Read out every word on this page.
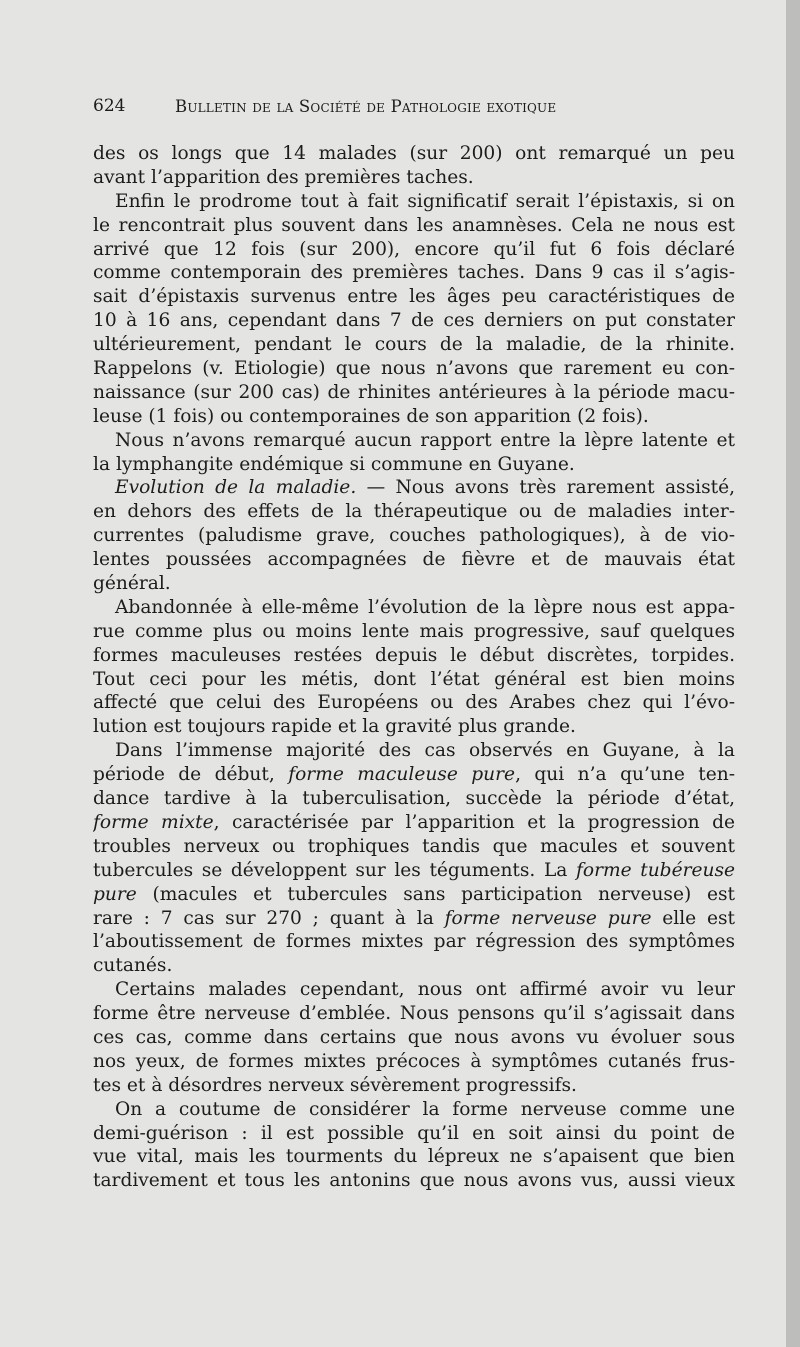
624	Bulletin de la Société de Pathologie exotique
des os longs que 14 malades (sur 200) ont remarqué un peu
avant l’apparition des premières taches.
Enfin le prodrome tout à fait significatif serait l’épistaxis, si on
le rencontrait plus souvent dans les anamnèses. Cela ne nous est
arrivé que 12 fois (sur 200), encore qu’il fut 6 fois déclaré
comme contemporain des premières taches. Dans 9 cas il s’agis-
sait d’épistaxis survenus entre les âges peu caractéristiques de
10 à 16 ans, cependant dans 7 de ces derniers on put constater
ultérieurement, pendant le cours de la maladie, de la rhinite.
Rappelons (v. Etiologie) que nous n’avons que rarement eu con-
naissance (sur 200 cas) de rhinites antérieures à la période macu-
leuse (1 fois) ou contemporaines de son apparition (2 fois).
Nous n’avons remarqué aucun rapport entre la lèpre latente et
la lymphangite endémique si commune en Guyane.
Evolution de la maladie. — Nous avons très rarement assisté,
en dehors des effets de la thérapeutique ou de maladies inter-
currentes (paludisme grave, couches pathologiques), à de vio-
lentes poussées accompagnées de fièvre et de mauvais état
général.
Abandonnée à elle-même l’évolution de la lèpre nous est appa-
rue comme plus ou moins lente mais progressive, sauf quelques
formes maculeuses restées depuis le début discrètes, torpides.
Tout ceci pour les métis, dont l’état général est bien moins
affecté que celui des Européens ou des Arabes chez qui l’évo-
lution est toujours rapide et la gravité plus grande.
Dans l’immense majorité des cas observés en Guyane, à la
période de début, forme maculeuse pure, qui n’a qu’une ten-
dance tardive à la tuberculisation, succède la période d’état,
forme mixte, caractérisée par l’apparition et la progression de
troubles nerveux ou trophiques tandis que macules et souvent
tubercules se développent sur les téguments. La forme tubéreuse
pure (macules et tubercules sans participation nerveuse) est
rare : 7 cas sur 270 ; quant à la forme nerveuse pure elle est
l’aboutissement de formes mixtes par régression des symptômes
cutanés.
Certains malades cependant, nous ont affirmé avoir vu leur
forme être nerveuse d’emblée. Nous pensons qu’il s’agissait dans
ces cas, comme dans certains que nous avons vu évoluer sous
nos yeux, de formes mixtes précoces à symptômes cutanés frus-
tes et à désordres nerveux sévèrement progressifs.
On a coutume de considérer la forme nerveuse comme une
demi-guérison : il est possible qu’il en soit ainsi du point de
vue vital, mais les tourments du lépreux ne s’apaisent que bien
tardivement et tous les antonins que nous avons vus, aussi vieux
